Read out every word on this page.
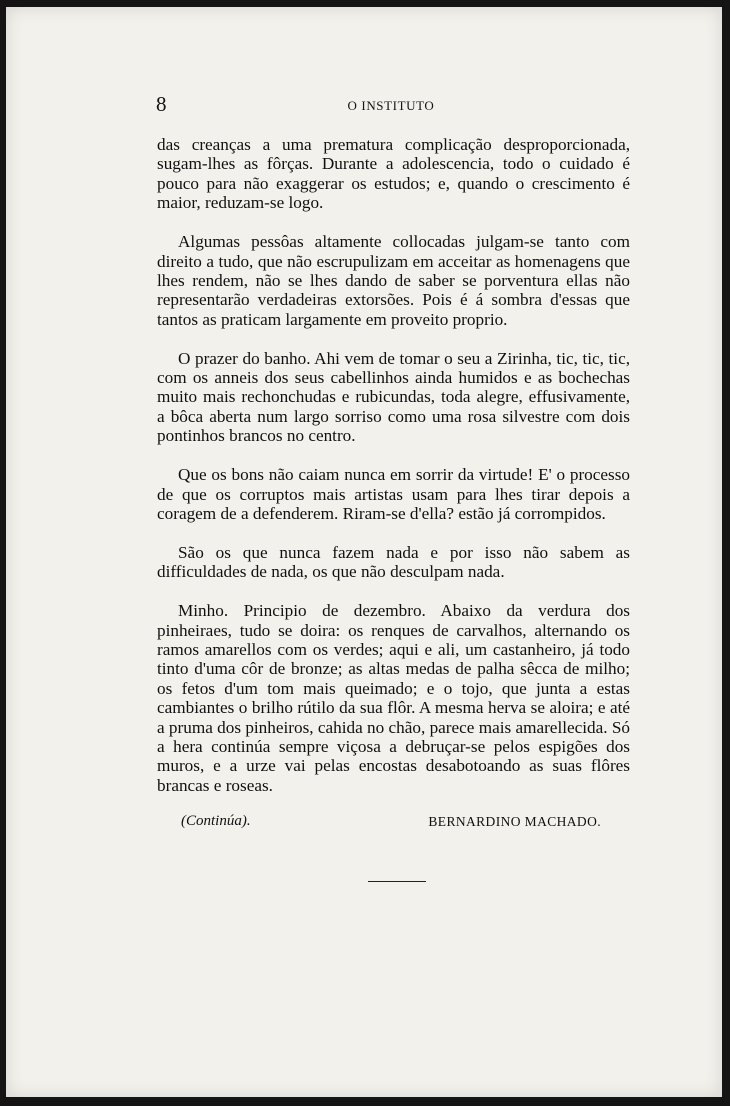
8	O INSTITUTO

das creanças a uma prematura complicação desproporcionada, sugam-lhes as fôrças. Durante a adolescencia, todo o cuidado é pouco para não exaggerar os estudos; e, quando o crescimento é maior, reduzam-se logo.

Algumas pessôas altamente collocadas julgam-se tanto com direito a tudo, que não escrupulizam em acceitar as homenagens que lhes rendem, não se lhes dando de saber se porventura ellas não representarão verdadeiras extorsões. Pois é á sombra d'essas que tantos as praticam largamente em proveito proprio.

O prazer do banho. Ahi vem de tomar o seu a Zirinha, tic, tic, tic, com os anneis dos seus cabellinhos ainda humidos e as bochechas muito mais rechonchudas e rubicundas, toda alegre, effusivamente, a bôca aberta num largo sorriso como uma rosa silvestre com dois pontinhos brancos no centro.

Que os bons não caiam nunca em sorrir da virtude! E' o processo de que os corruptos mais artistas usam para lhes tirar depois a coragem de a defenderem. Riram-se d'ella? estão já corrompidos.

São os que nunca fazem nada e por isso não sabem as difficuldades de nada, os que não desculpam nada.

Minho. Principio de dezembro. Abaixo da verdura dos pinheiraes, tudo se doira: os renques de carvalhos, alternando os ramos amarellos com os verdes; aqui e ali, um castanheiro, já todo tinto d'uma côr de bronze; as altas medas de palha sêcca de milho; os fetos d'um tom mais queimado; e o tojo, que junta a estas cambiantes o brilho rútilo da sua flôr. A mesma herva se aloira; e até a pruma dos pinheiros, cahida no chão, parece mais amarellecida. Só a hera continúa sempre viçosa a debruçar-se pelos espigões dos muros, e a urze vai pelas encostas desabotoando as suas flôres brancas e roseas.

(Continúa).	BERNARDINO MACHADO.
